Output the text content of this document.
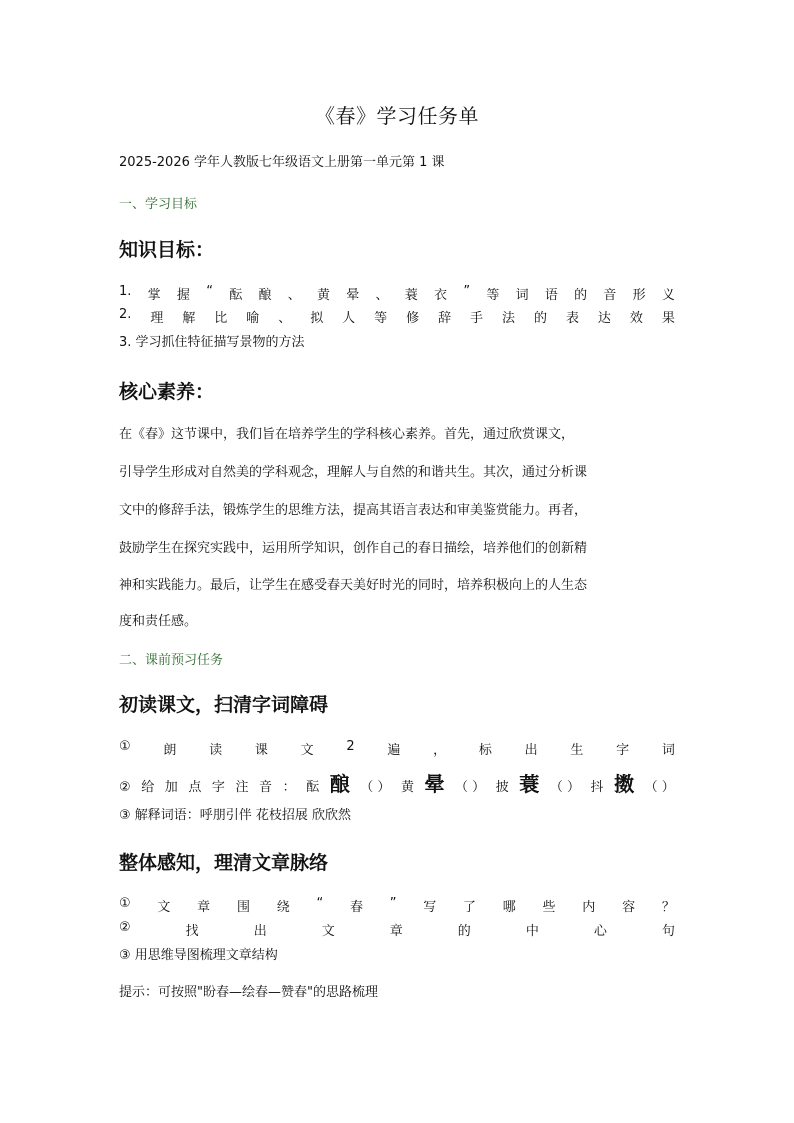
《春》学习任务单
2025-2026 学年人教版七年级语文上册第一单元第 1 课
一、学习目标
知识目标：
1. 掌 握 “ 酝 酿 、 黄 晕 、 蓑 衣 ” 等 词 语 的 音 形 义
2. 理 解 比 喻 、 拟 人 等 修 辞 手 法 的 表 达 效 果
3. 学习抓住特征描写景物的方法
核心素养：
在《春》这节课中，我们旨在培养学生的学科核心素养。首先，通过欣赏课文，
引导学生形成对自然美的学科观念，理解人与自然的和谐共生。其次，通过分析课
文中的修辞手法，锻炼学生的思维方法，提高其语言表达和审美鉴赏能力。再者，
鼓励学生在探究实践中，运用所学知识，创作自己的春日描绘，培养他们的创新精
神和实践能力。最后，让学生在感受春天美好时光的同时，培养积极向上的人生态
度和责任感。
二、课前预习任务
初读课文，扫清字词障碍
①	朗	读	课	文	2	遍	，	标	出	生	字	词
② 给 加 点 字 注 音 ： 酝 酿 （ ） 黄 晕 （ ） 披 蓑 （ ） 抖 擞 （ ）
③ 解释词语：呼朋引伴 花枝招展 欣欣然
整体感知，理清文章脉络
① 文 章 围 绕 “ 春 ” 写 了 哪 些 内 容 ？
②	找	出	文	章	的	中	心	句
③ 用思维导图梳理文章结构
提示：可按照"盼春—绘春—赞春"的思路梳理
